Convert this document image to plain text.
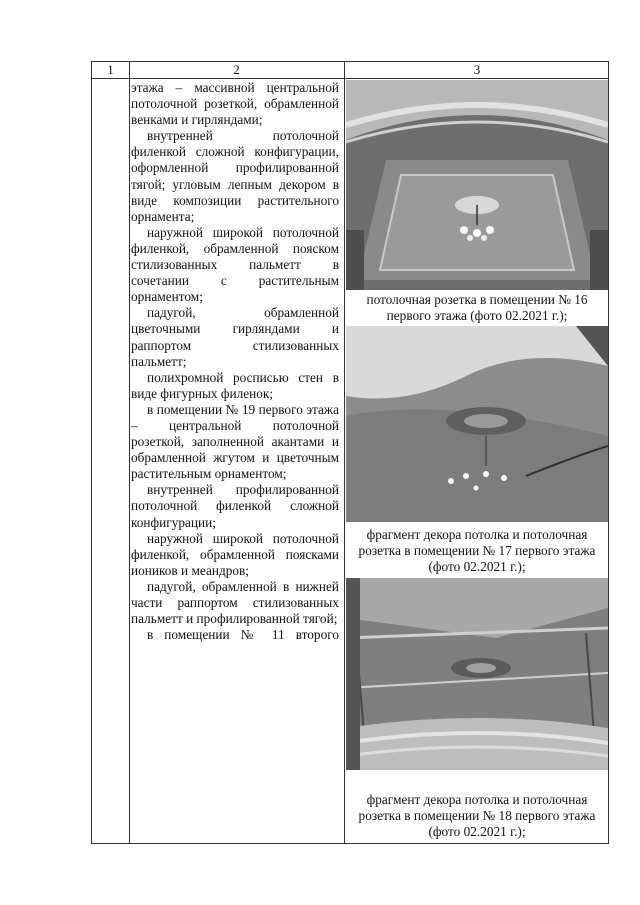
1	2	3

этажа – массивной центральной потолочной розеткой, обрамленной венками и гирляндами;

внутренней потолочной филенкой сложной конфигурации, оформленной профилированной тягой; угловым лепным декором в виде композиции растительного орнамента;

наружной широкой потолочной филенкой, обрамленной пояском стилизованных пальметт в сочетании с растительным орнаментом;

падугой, обрамленной цветочными гирляндами и раппортом стилизованных пальметт;

полихромной росписью стен в виде фигурных филенок;

в помещении № 19 первого этажа – центральной потолочной розеткой, заполненной акантами и обрамленной жгутом и цветочным растительным орнаментом;

внутренней профилированной потолочной филенкой сложной конфигурации;

наружной широкой потолочной филенкой, обрамленной поясками иоников и меандров;

падугой, обрамленной в нижней части раппортом стилизованных пальметт и профилированной тягой;

в помещении № 11 второго

потолочная розетка в помещении № 16 первого этажа (фото 02.2021 г.);
фрагмент декора потолка и потолочная розетка в помещении № 17 первого этажа (фото 02.2021 г.);
фрагмент декора потолка и потолочная розетка в помещении № 18 первого этажа (фото 02.2021 г.);
